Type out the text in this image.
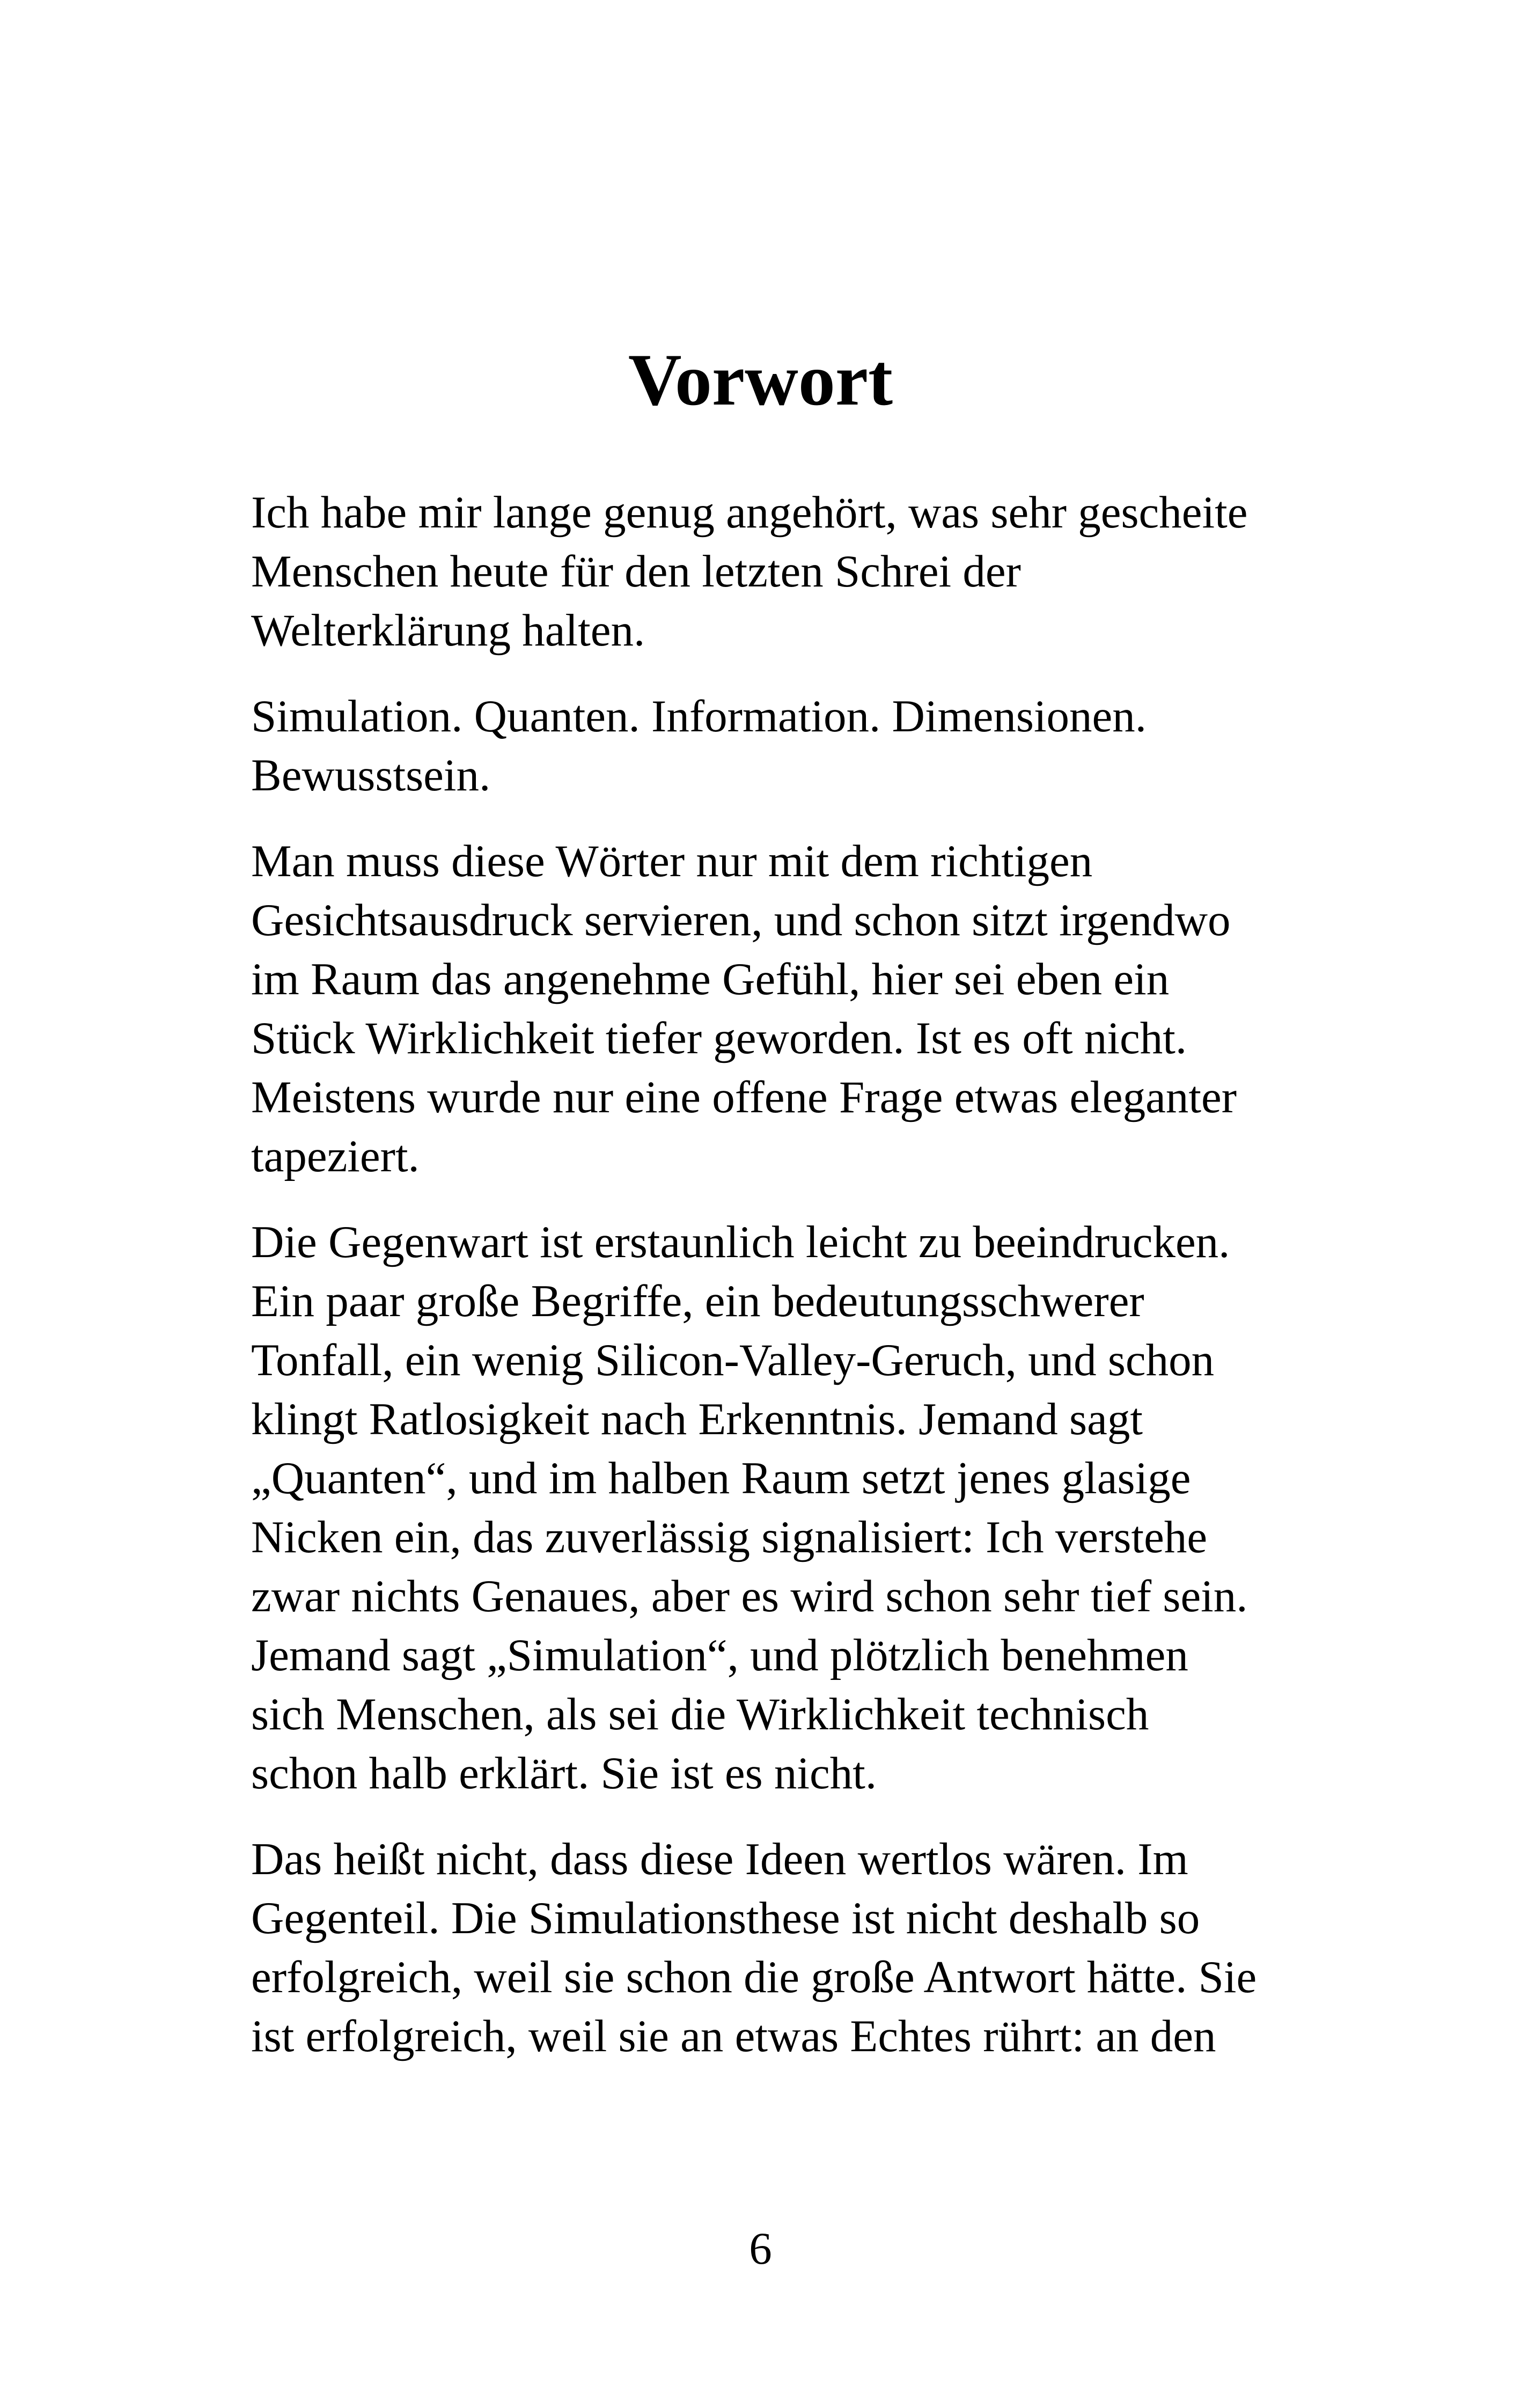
Vorwort

Ich habe mir lange genug angehört, was sehr gescheite
Menschen heute für den letzten Schrei der
Welterklärung halten.

Simulation. Quanten. Information. Dimensionen.
Bewusstsein.

Man muss diese Wörter nur mit dem richtigen
Gesichtsausdruck servieren, und schon sitzt irgendwo
im Raum das angenehme Gefühl, hier sei eben ein
Stück Wirklichkeit tiefer geworden. Ist es oft nicht.
Meistens wurde nur eine offene Frage etwas eleganter
tapeziert.

Die Gegenwart ist erstaunlich leicht zu beeindrucken.
Ein paar große Begriffe, ein bedeutungsschwerer
Tonfall, ein wenig Silicon-Valley-Geruch, und schon
klingt Ratlosigkeit nach Erkenntnis. Jemand sagt
„Quanten“, und im halben Raum setzt jenes glasige
Nicken ein, das zuverlässig signalisiert: Ich verstehe
zwar nichts Genaues, aber es wird schon sehr tief sein.
Jemand sagt „Simulation“, und plötzlich benehmen
sich Menschen, als sei die Wirklichkeit technisch
schon halb erklärt. Sie ist es nicht.

Das heißt nicht, dass diese Ideen wertlos wären. Im
Gegenteil. Die Simulationsthese ist nicht deshalb so
erfolgreich, weil sie schon die große Antwort hätte. Sie
ist erfolgreich, weil sie an etwas Echtes rührt: an den

6
